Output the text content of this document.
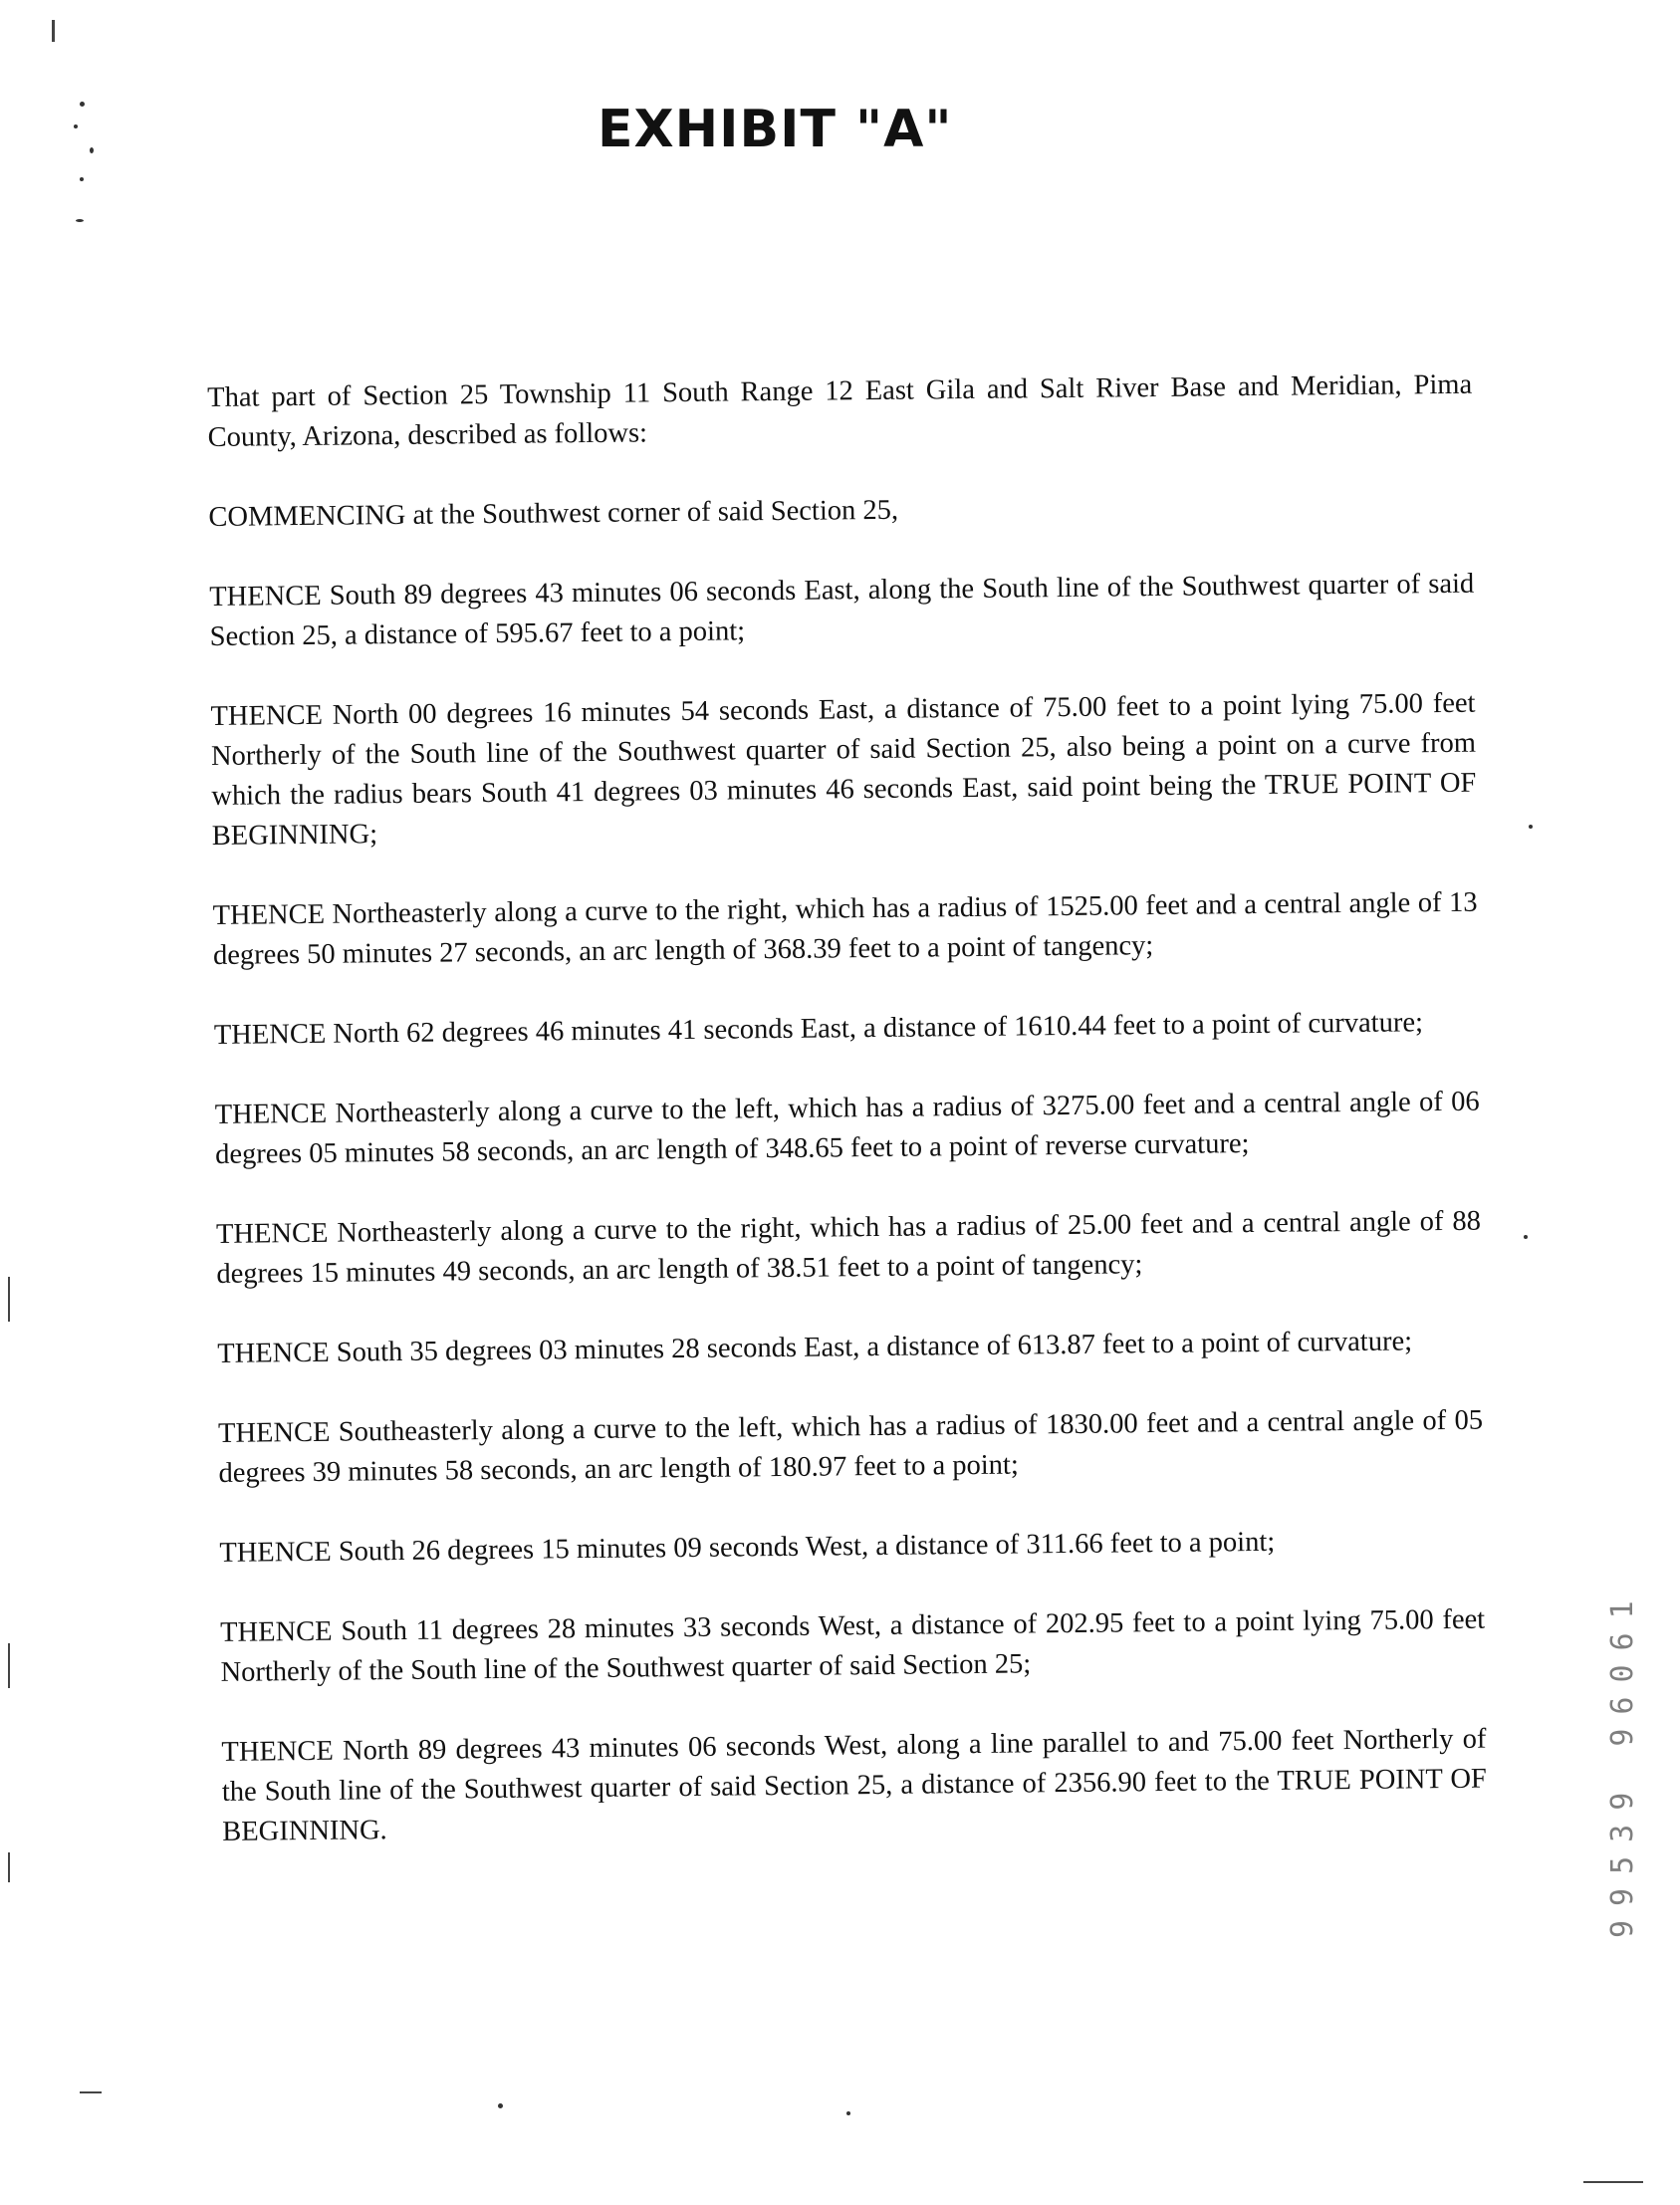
EXHIBIT "A"

That part of Section 25 Township 11 South Range 12 East Gila and Salt River Base and Meridian, Pima County, Arizona, described as follows:

COMMENCING at the Southwest corner of said Section 25,

THENCE South 89 degrees 43 minutes 06 seconds East, along the South line of the Southwest quarter of said Section 25, a distance of 595.67 feet to a point;

THENCE North 00 degrees 16 minutes 54 seconds East, a distance of 75.00 feet to a point lying 75.00 feet Northerly of the South line of the Southwest quarter of said Section 25, also being a point on a curve from which the radius bears South 41 degrees 03 minutes 46 seconds East, said point being the TRUE POINT OF BEGINNING;

THENCE Northeasterly along a curve to the right, which has a radius of 1525.00 feet and a central angle of 13 degrees 50 minutes 27 seconds, an arc length of 368.39 feet to a point of tangency;

THENCE North 62 degrees 46 minutes 41 seconds East, a distance of 1610.44 feet to a point of curvature;

THENCE Northeasterly along a curve to the left, which has a radius of 3275.00 feet and a central angle of 06 degrees 05 minutes 58 seconds, an arc length of 348.65 feet to a point of reverse curvature;

THENCE Northeasterly along a curve to the right, which has a radius of 25.00 feet and a central angle of 88 degrees 15 minutes 49 seconds, an arc length of 38.51 feet to a point of tangency;

THENCE South 35 degrees 03 minutes 28 seconds East, a distance of 613.87 feet to a point of curvature;

THENCE Southeasterly along a curve to the left, which has a radius of 1830.00 feet and a central angle of 05 degrees 39 minutes 58 seconds, an arc length of 180.97 feet to a point;

THENCE South 26 degrees 15 minutes 09 seconds West, a distance of 311.66 feet to a point;

THENCE South 11 degrees 28 minutes 33 seconds West, a distance of 202.95 feet to a point lying 75.00 feet Northerly of the South line of the Southwest quarter of said Section 25;

THENCE North 89 degrees 43 minutes 06 seconds West, along a line parallel to and 75.00 feet Northerly of the South line of the Southwest quarter of said Section 25, a distance of 2356.90 feet to the TRUE POINT OF BEGINNING.	99539 96061
